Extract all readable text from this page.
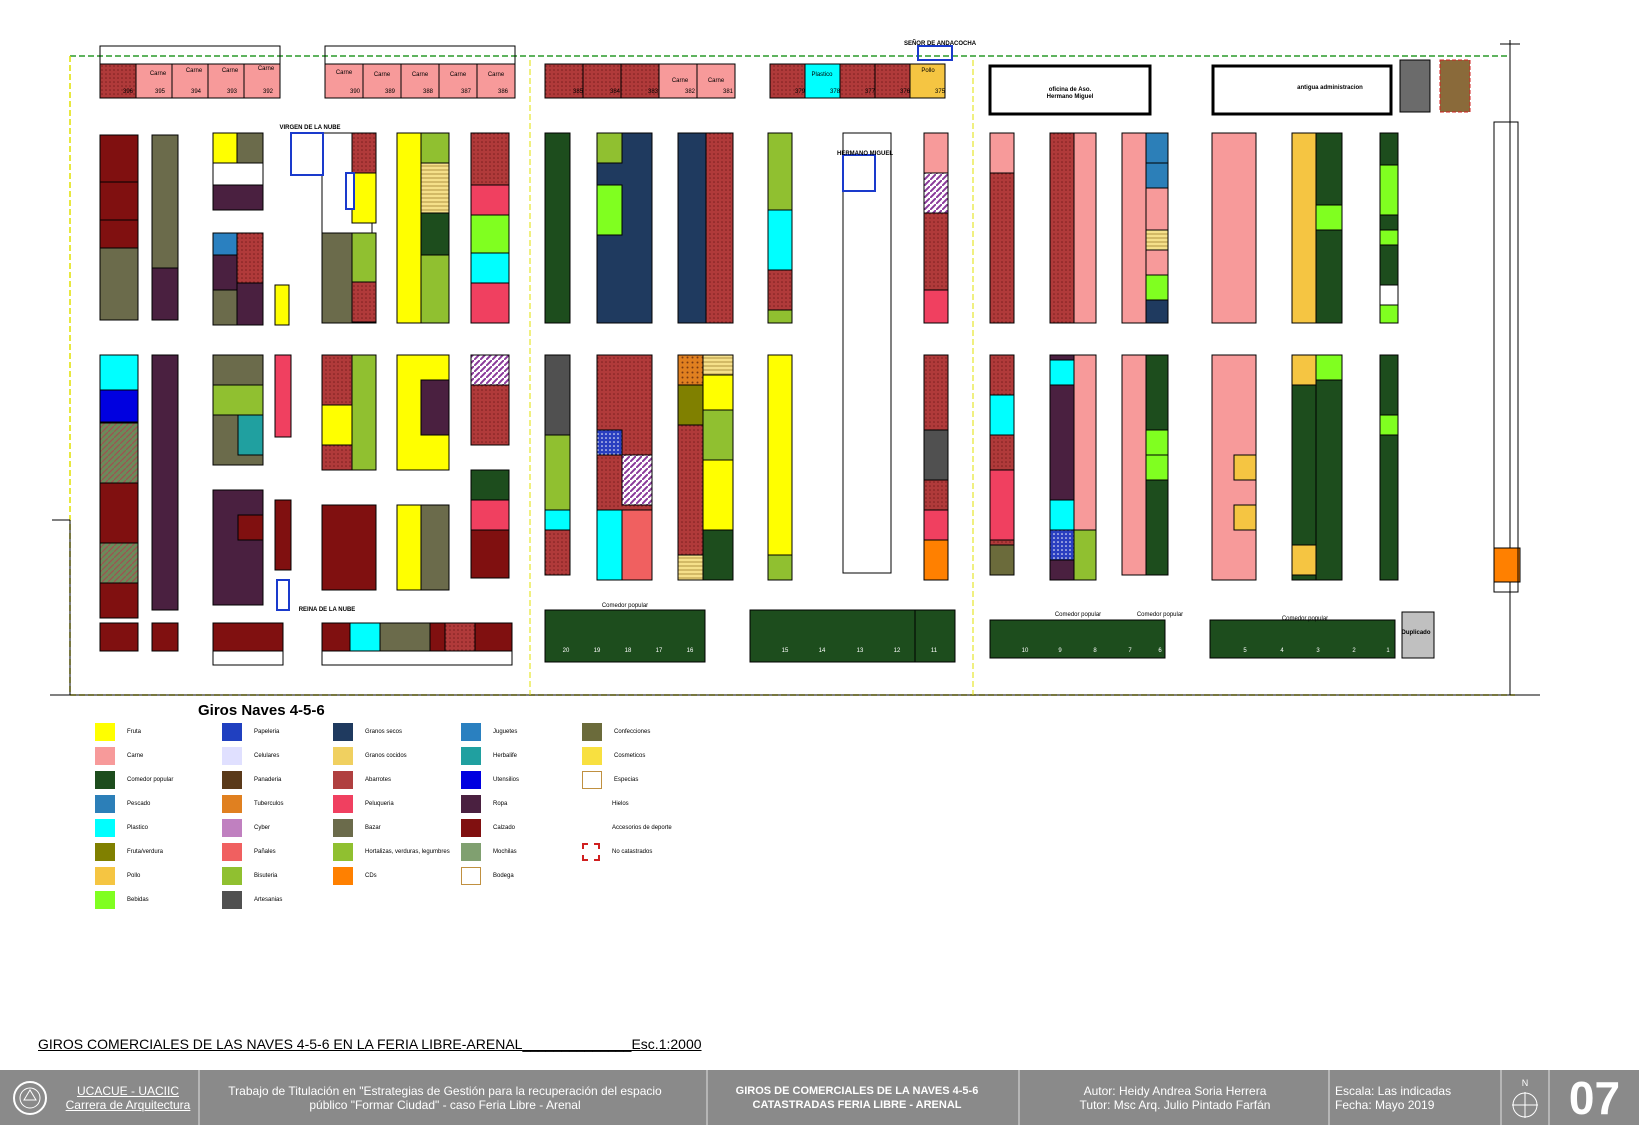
Carne	Carne	Carne	Carne
396	395	394	393	392
Carne	Carne	Carne	Carne	Carne
390	389	388	387	386
Carne	Carne
385	384	383	382	381
Plastico
Pollo
379	378	377	376	375
SEÑOR DE ANDACOCHA
oficina de Aso.
Hermano Miguel
antigua administracion
VIRGEN DE LA NUBE
REINA DE LA NUBE
HERMANO MIGUEL
Duplicado
Comedor popular
Comedor popular	Comedor popular
Comedor popular
20	19	18	17	16	15	14	13	12	11	10	9	8	7	6	5	4	3	2	1
Giros Naves 4-5-6
Fruta
Carne
Comedor popular
Pescado
Plastico
Fruta/verdura
Pollo
Bebidas
Papeleria
Celulares
Panaderia
Tuberculos
Cyber
Pañales
Bisuteria
Artesanias
Granos secos
Granos cocidos
Abarrotes
Peluqueria
Bazar
Hortalizas, verduras, legumbres
CDs
Juguetes
Herbalife
Utensilios
Ropa
Calzado
Mochilas
Bodega
Confecciones
Cosmeticos
Especias
Hielos
Accesorios de deporte
No catastrados
GIROS COMERCIALES DE LAS NAVES 4-5-6 EN LA FERIA LIBRE-ARENAL______________Esc.1:2000
UCACUE - UACIIC
Carrera de Arquitectura
Trabajo de Titulación en "Estrategias de Gestión para la recuperación del espacio público "Formar Ciudad" - caso Feria Libre - Arenal
GIROS DE COMERCIALES DE LA NAVES 4-5-6 CATASTRADAS FERIA LIBRE - ARENAL
Autor: Heidy Andrea Soria Herrera
Tutor: Msc Arq. Julio Pintado Farfán
Escala: Las indicadas
Fecha: Mayo 2019
N 07
